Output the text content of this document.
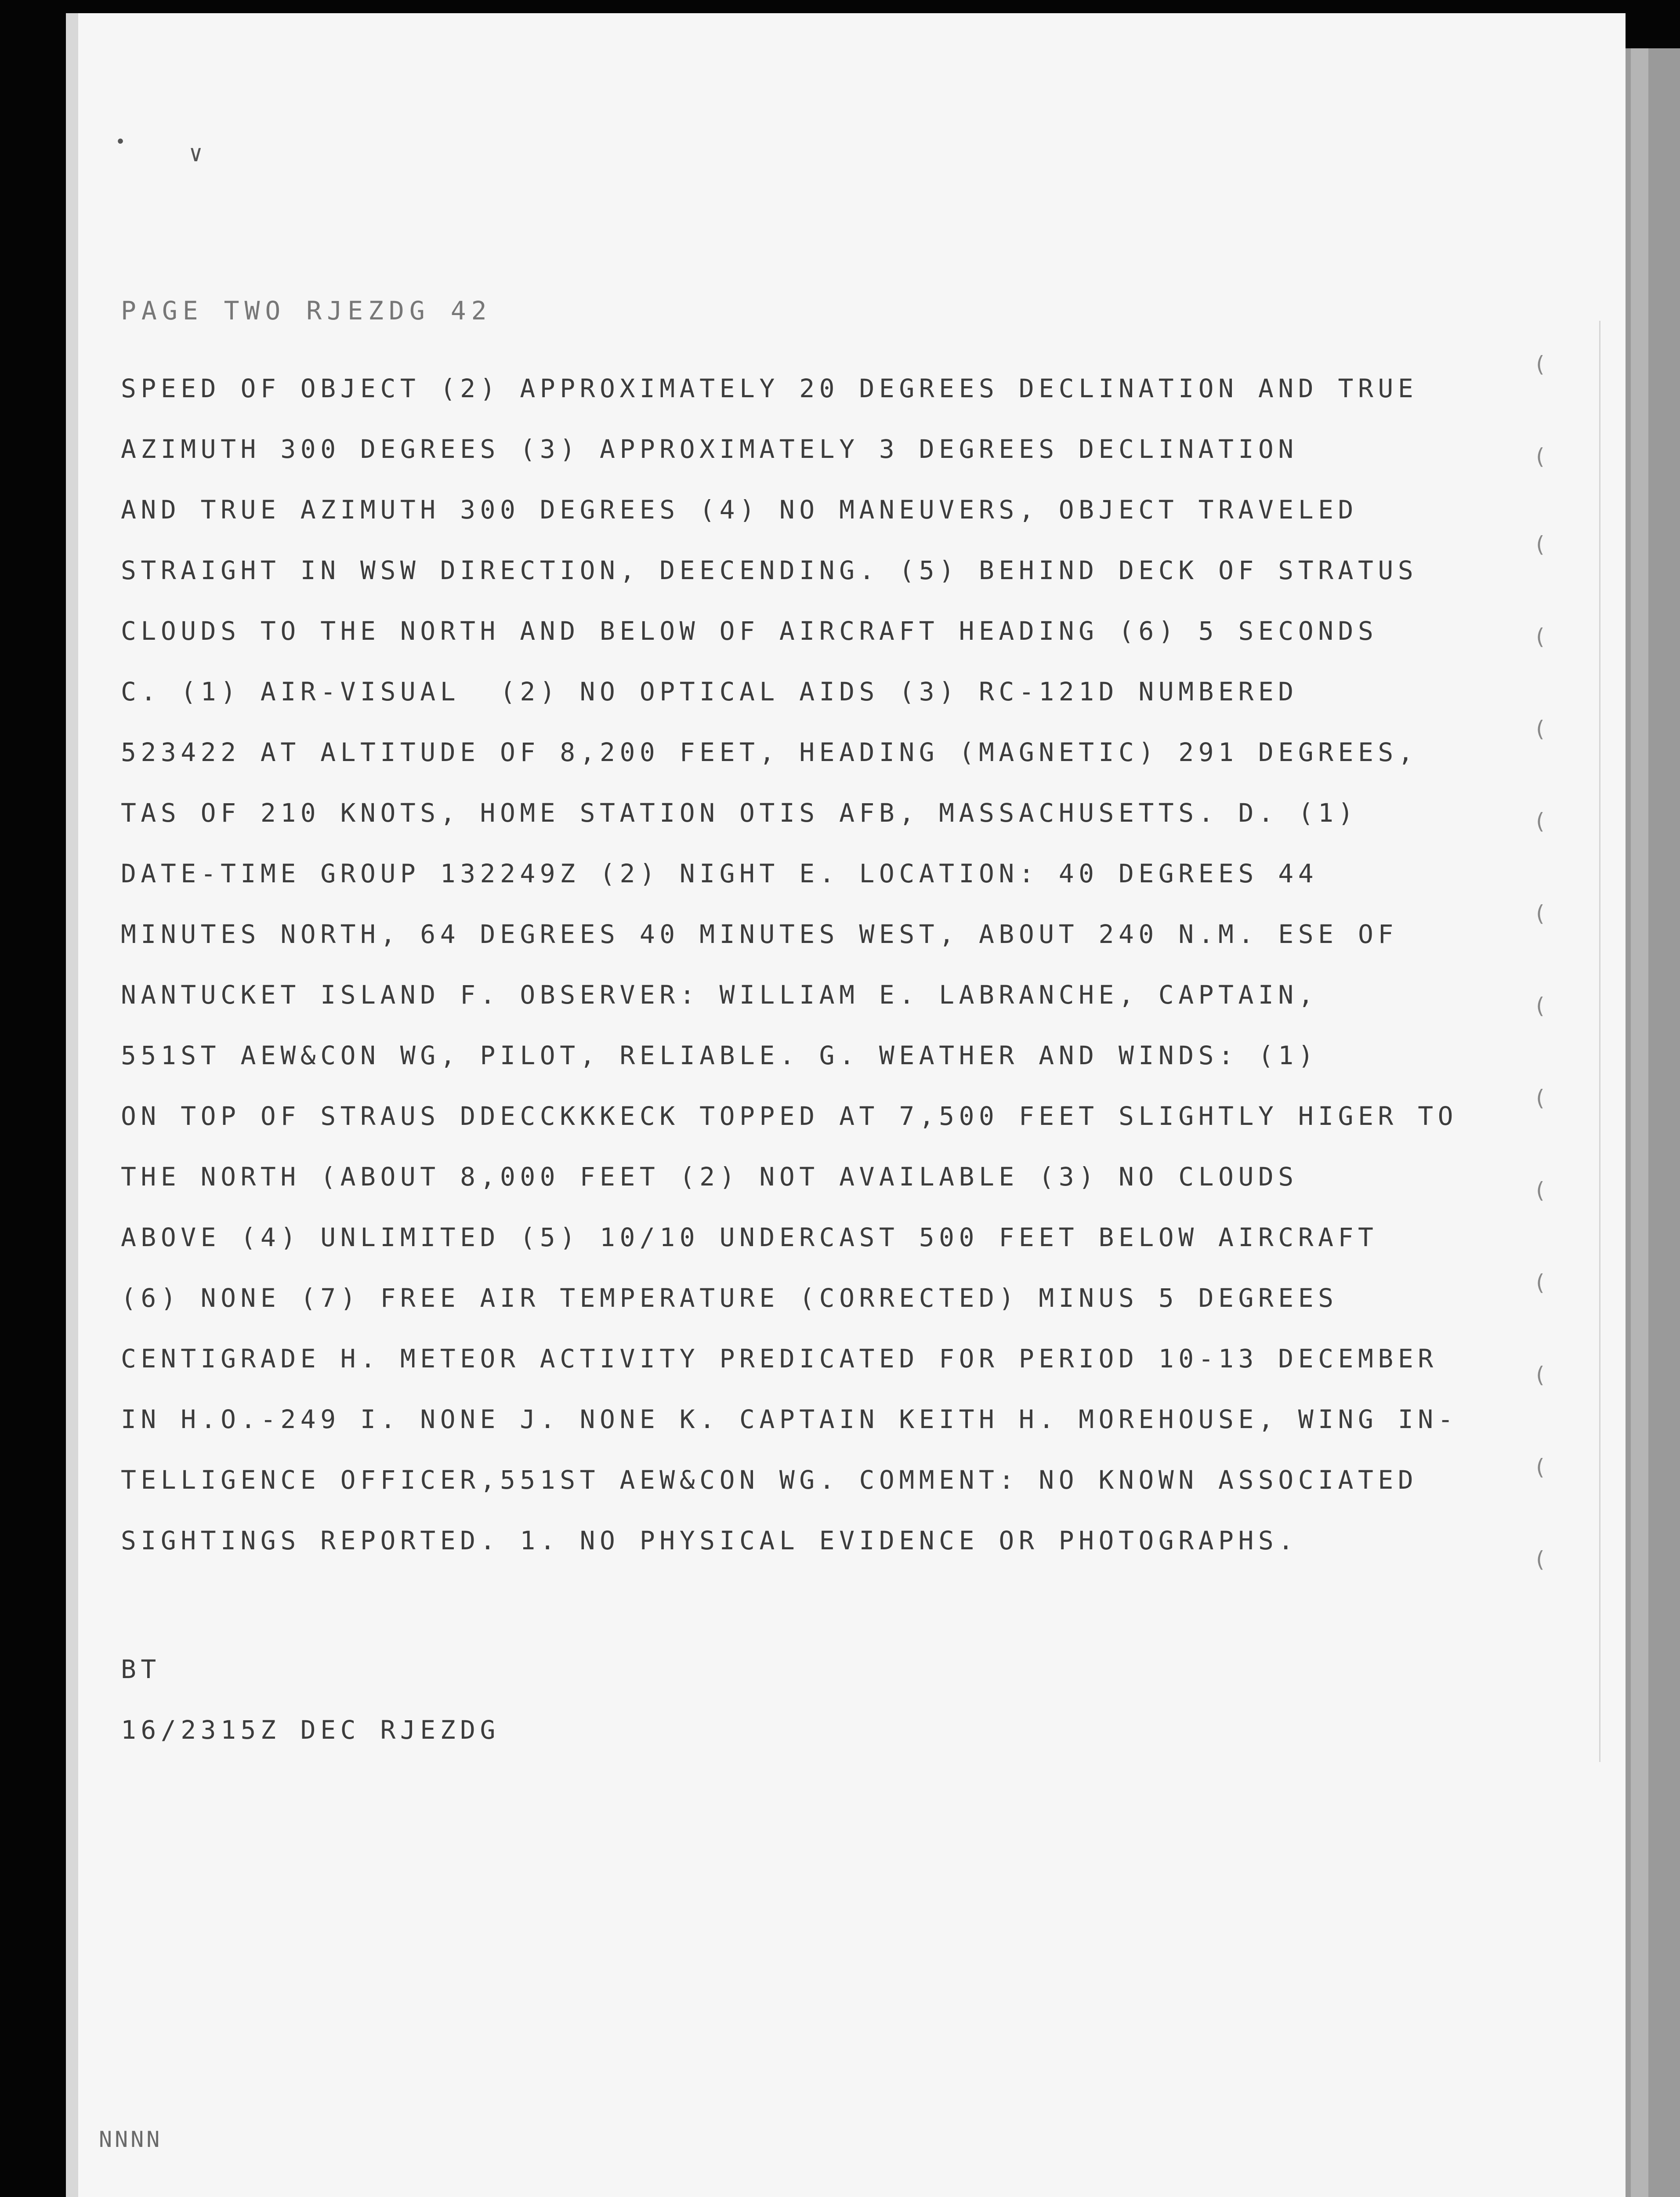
•	∨

SPEED OF OBJECT (2) APPROXIMATELY 20 DEGREES DECLINATION AND TRUE
AZIMUTH 300 DEGREES (3) APPROXIMATELY 3 DEGREES DECLINATION
AND TRUE AZIMUTH 300 DEGREES (4) NO MANEUVERS, OBJECT TRAVELED
STRAIGHT IN WSW DIRECTION, DEECENDING. (5) BEHIND DECK OF STRATUS
CLOUDS TO THE NORTH AND BELOW OF AIRCRAFT HEADING (6) 5 SECONDS
C. (1) AIR-VISUAL  (2) NO OPTICAL AIDS (3) RC-121D NUMBERED
523422 AT ALTITUDE OF 8,200 FEET, HEADING (MAGNETIC) 291 DEGREES,
TAS OF 210 KNOTS, HOME STATION OTIS AFB, MASSACHUSETTS. D. (1)
DATE-TIME GROUP 132249Z (2) NIGHT E. LOCATION: 40 DEGREES 44
MINUTES NORTH, 64 DEGREES 40 MINUTES WEST, ABOUT 240 N.M. ESE OF
NANTUCKET ISLAND F. OBSERVER: WILLIAM E. LABRANCHE, CAPTAIN,
551ST AEW&CON WG, PILOT, RELIABLE. G. WEATHER AND WINDS: (1)
ON TOP OF STRAUS DDECCKKKECK TOPPED AT 7,500 FEET SLIGHTLY HIGER TO
THE NORTH (ABOUT 8,000 FEET (2) NOT AVAILABLE (3) NO CLOUDS
ABOVE (4) UNLIMITED (5) 10/10 UNDERCAST 500 FEET BELOW AIRCRAFT
(6) NONE (7) FREE AIR TEMPERATURE (CORRECTED) MINUS 5 DEGREES
CENTIGRADE H. METEOR ACTIVITY PREDICATED FOR PERIOD 10-13 DECEMBER
IN H.O.-249 I. NONE J. NONE K. CAPTAIN KEITH H. MOREHOUSE, WING IN-
TELLIGENCE OFFICER,551ST AEW&CON WG. COMMENT: NO KNOWN ASSOCIATED
SIGHTINGS REPORTED. 1. NO PHYSICAL EVIDENCE OR PHOTOGRAPHS.
BT
16/2315Z DEC RJEZDG

NNNN

(
(
(
(
(
(
(
(
(
(
(
(
(
(
